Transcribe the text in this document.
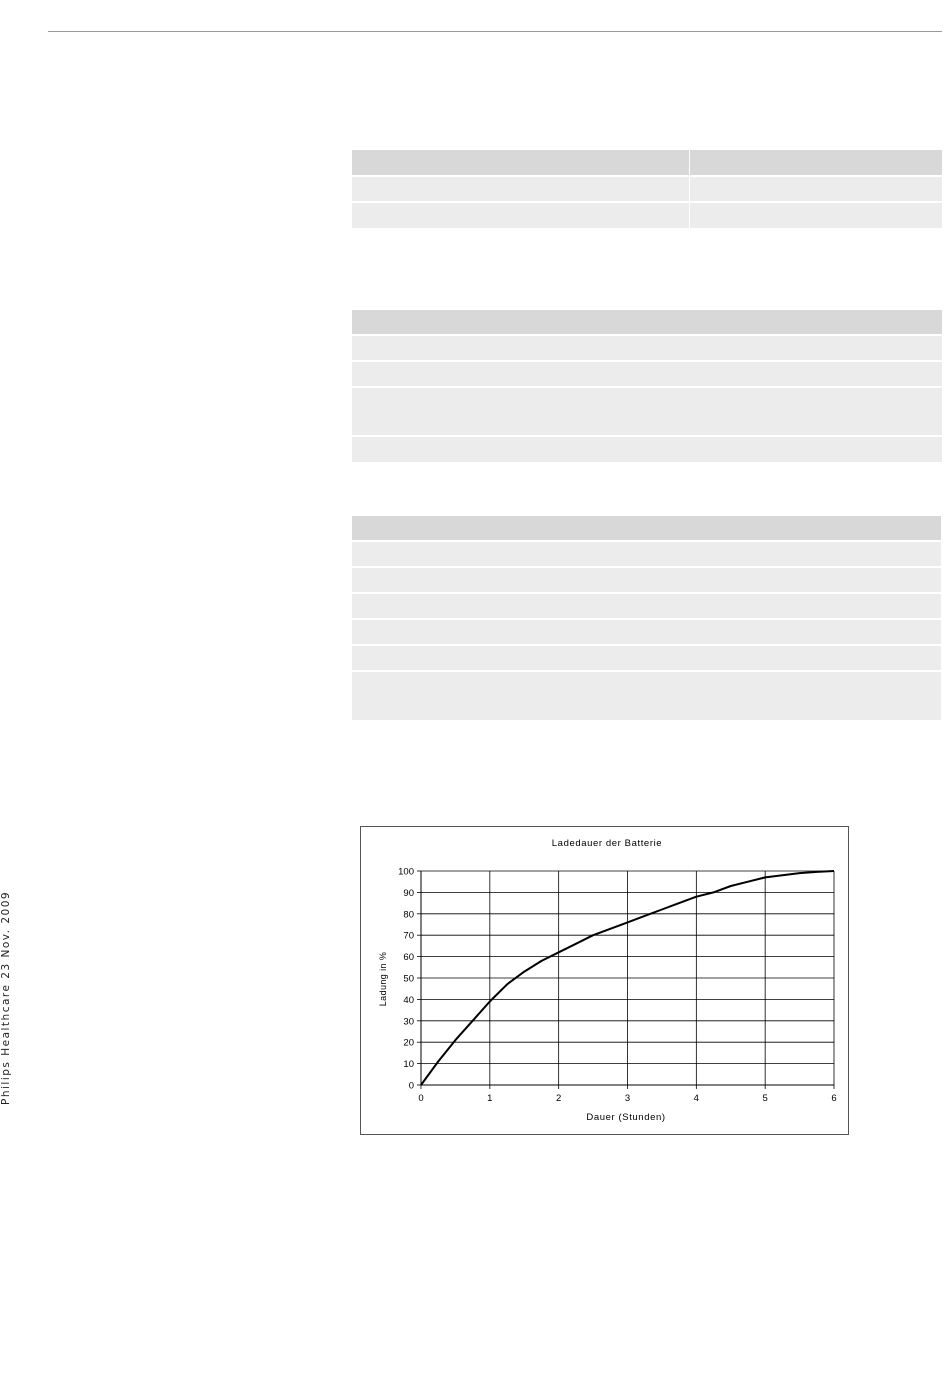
Philips Healthcare 23 Nov. 2009
Ladedauer der Batterie
Dauer (Stunden)
Ladung in %
0
10
20
30
40
50
60
70
80
90
100
0	1	2	3	4	5	6
